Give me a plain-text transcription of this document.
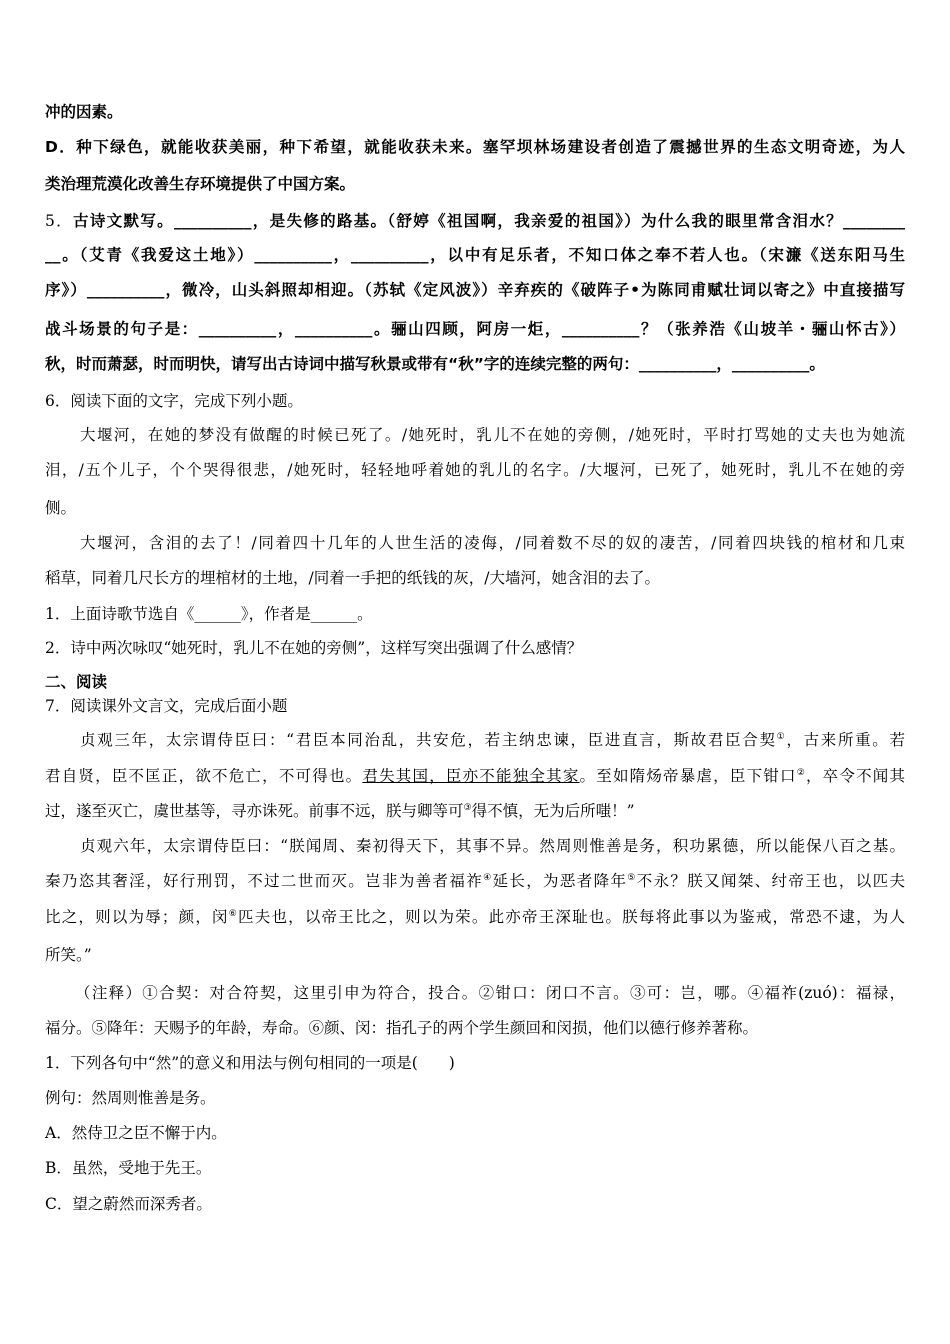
冲的因素。
D．种下绿色，就能收获美丽，种下希望，就能收获未来。塞罕坝林场建设者创造了震撼世界的生态文明奇迹，为人
类治理荒漠化改善生存环境提供了中国方案。
5．古诗文默写。__________，是失修的路基。（舒婷《祖国啊，我亲爱的祖国》）为什么我的眼里常含泪水？________
__。（艾青《我爱这土地》）__________，__________，以中有足乐者，不知口体之奉不若人也。（宋濂《送东阳马生
序》）__________，微冷，山头斜照却相迎。（苏轼《定风波》）辛弃疾的《破阵子•为陈同甫赋壮词以寄之》中直接描写
战斗场景的句子是：__________，__________。骊山四顾，阿房一炬，__________？（张养浩《山坡羊・骊山怀古》）
秋，时而萧瑟，时而明快，请写出古诗词中描写秋景或带有“秋”字的连续完整的两句：__________，__________。
6．阅读下面的文字，完成下列小题。
大堰河，在她的梦没有做醒的时候已死了。/她死时，乳儿不在她的旁侧，/她死时，平时打骂她的丈夫也为她流
泪，/五个儿子，个个哭得很悲，/她死时，轻轻地呼着她的乳儿的名字。/大堰河，已死了，她死时，乳儿不在她的旁
侧。
大堰河，含泪的去了！/同着四十几年的人世生活的凌侮，/同着数不尽的奴的凄苦，/同着四块钱的棺材和几束
稻草，同着几尺长方的埋棺材的土地，/同着一手把的纸钱的灰，/大墙河，她含泪的去了。
1．上面诗歌节选自《______》，作者是______。
2．诗中两次咏叹“她死时，乳儿不在她的旁侧”，这样写突出强调了什么感情？
二、阅读
7．阅读课外文言文，完成后面小题
贞观三年，太宗谓侍臣曰：“君臣本同治乱，共安危，若主纳忠谏，臣进直言，斯故君臣合契①，古来所重。若
君自贤，臣不匡正，欲不危亡，不可得也。君失其国，臣亦不能独全其家。至如隋炀帝暴虐，臣下钳口②，卒令不闻其
过，遂至灭亡，虞世基等，寻亦诛死。前事不远，朕与卿等可③得不慎，无为后所嗤！”
贞观六年，太宗谓侍臣曰：“朕闻周、秦初得天下，其事不异。然周则惟善是务，积功累德，所以能保八百之基。
秦乃恣其奢淫，好行刑罚，不过二世而灭。岂非为善者福祚④延长，为恶者降年⑤不永？朕又闻桀、纣帝王也，以匹夫
比之，则以为辱；颜，闵⑥匹夫也，以帝王比之，则以为荣。此亦帝王深耻也。朕每将此事以为鉴戒，常恐不逮，为人
所笑。”
（注释）①合契：对合符契，这里引申为符合，投合。②钳口：闭口不言。③可：岂，哪。④福祚(zuó)：福禄，
福分。⑤降年：天赐予的年龄，寿命。⑥颜、闵：指孔子的两个学生颜回和闵损，他们以德行修养著称。
1．下列各句中“然”的意义和用法与例句相同的一项是(　　)
例句：然周则惟善是务。
A．然侍卫之臣不懈于内。
B．虽然，受地于先王。
C．望之蔚然而深秀者。
